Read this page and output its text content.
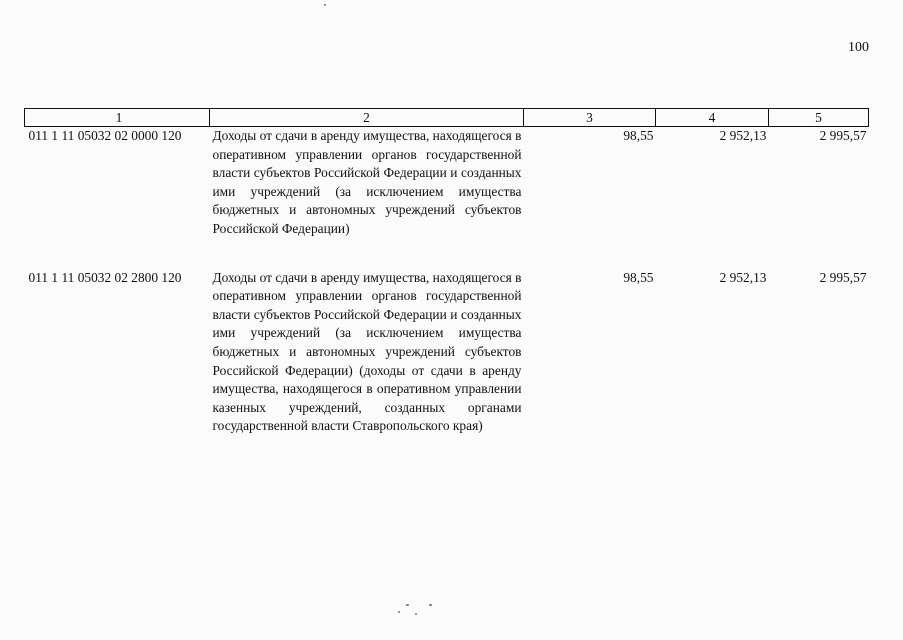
100
1	2	3	4	5
011 1 11 05032 02 0000 120	Доходы от сдачи в аренду имущества, находящегося в оперативном управлении органов государственной власти субъектов Российской Федерации и созданных ими учреждений (за исключением имущества бюджетных и автономных учреждений субъектов Российской Федерации)	98,55	2 952,13	2 995,57

011 1 11 05032 02 2800 120	Доходы от сдачи в аренду имущества, находящегося в оперативном управлении органов государственной власти субъектов Российской Федерации и созданных ими учреждений (за исключением имущества бюджетных и автономных учреждений субъектов Российской Федерации) (доходы от сдачи в аренду имущества, находящегося в оперативном управлении казенных учреждений, созданных органами государственной власти Ставропольского края)	98,55	2 952,13	2 995,57
